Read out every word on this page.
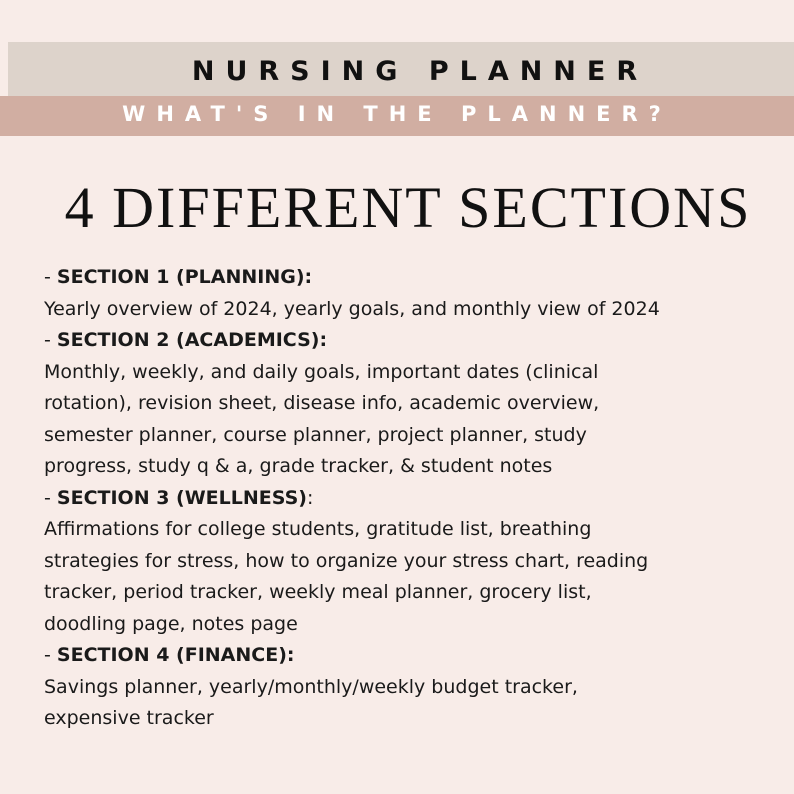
NURSING PLANNER
WHAT'S IN THE PLANNER?
4 DIFFERENT SECTIONS
- SECTION 1 (PLANNING):
Yearly overview of 2024, yearly goals, and monthly view of 2024
- SECTION 2 (ACADEMICS):
Monthly, weekly, and daily goals, important dates (clinical
rotation), revision sheet, disease info, academic overview,
semester planner, course planner, project planner, study
progress, study q & a, grade tracker, & student notes
- SECTION 3 (WELLNESS):
Affirmations for college students, gratitude list, breathing
strategies for stress, how to organize your stress chart, reading
tracker, period tracker, weekly meal planner, grocery list,
doodling page, notes page
- SECTION 4 (FINANCE):
Savings planner, yearly/monthly/weekly budget tracker,
expensive tracker
